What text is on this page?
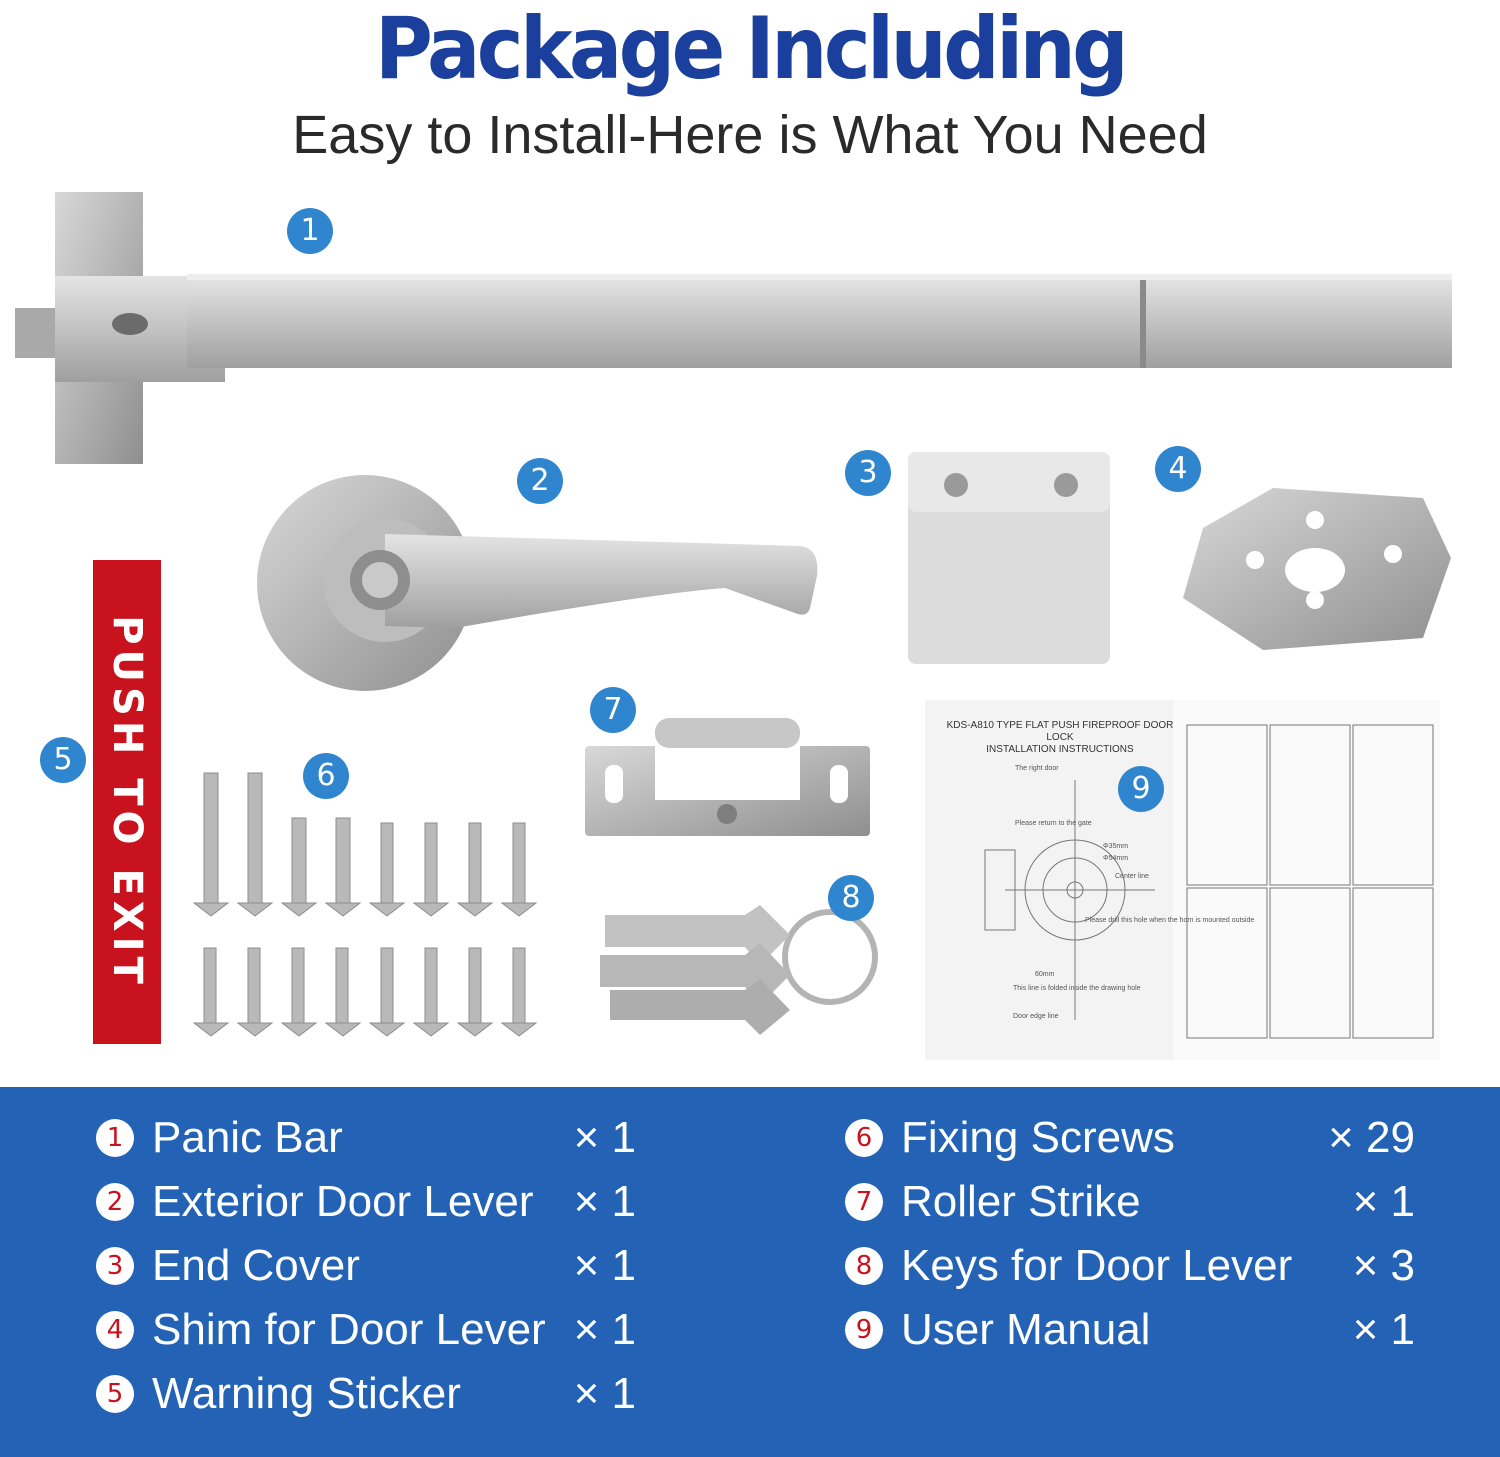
Package Including
Easy to Install-Here is What You Need
PUSH TO EXIT	The right door
Please return to the gate
Φ54mm
Φ35mm
Center line
Please drill this hole when the horn is mounted outside
60mm
This line is folded inside the drawing hole
Door edge line
KDS-A810 TYPE FLAT PUSH FIREPROOF DOOR LOCK
INSTALLATION INSTRUCTIONS
1
2	3	4
5	6
7
8
9
1 Panic Bar	× 1
2 Exterior Door Lever × 1
3 End Cover	× 1
4 Shim for Door Lever × 1
5 Warning Sticker	× 1
6 Fixing Screws	× 29
7 Roller Strike	× 1
8 Keys for Door Lever × 3
9 User Manual	× 1
